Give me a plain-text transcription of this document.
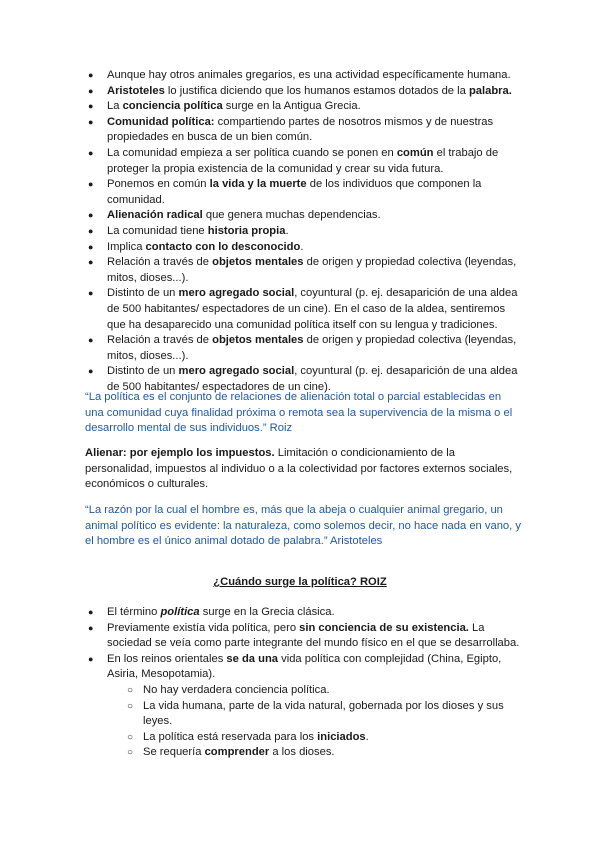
● Aunque hay otros animales gregarios, es una actividad específicamente humana.
● Aristoteles lo justifica diciendo que los humanos estamos dotados de la palabra.
● La conciencia política surge en la Antigua Grecia.
● Comunidad política: compartiendo partes de nosotros mismos y de nuestras propiedades en busca de un bien común.
● La comunidad empieza a ser política cuando se ponen en común el trabajo de proteger la propia existencia de la comunidad y crear su vida futura.
● Ponemos en común la vida y la muerte de los individuos que componen la comunidad.
● Alienación radical que genera muchas dependencias.
● La comunidad tiene historia propia.
● Implica contacto con lo desconocido.
● Relación a través de objetos mentales de origen y propiedad colectiva (leyendas, mitos, dioses...).
● Distinto de un mero agregado social, coyuntural (p. ej. desaparición de una aldea de 500 habitantes/ espectadores de un cine). En el caso de la aldea, sentiremos que ha desaparecido una comunidad política itself con su lengua y tradiciones.
● Relación a través de objetos mentales de origen y propiedad colectiva (leyendas, mitos, dioses...).
● Distinto de un mero agregado social, coyuntural (p. ej. desaparición de una aldea de 500 habitantes/ espectadores de un cine).
“La política es el conjunto de relaciones de alienación total o parcial establecidas en una comunidad cuya finalidad próxima o remota sea la supervivencia de la misma o el desarrollo mental de sus individuos.” Roiz
Alienar: por ejemplo los impuestos. Limitación o condicionamiento de la personalidad, impuestos al individuo o a la colectividad por factores externos sociales, económicos o culturales.
“La razón por la cual el hombre es, más que la abeja o cualquier animal gregario, un animal político es evidente: la naturaleza, como solemos decir, no hace nada en vano, y el hombre es el único animal dotado de palabra.” Aristoteles
¿Cuándo surge la política? ROIZ
● El término política surge en la Grecia clásica.
● Previamente existía vida política, pero sin conciencia de su existencia. La sociedad se veía como parte integrante del mundo físico en el que se desarrollaba.
● En los reinos orientales se da una vida política con complejidad (China, Egipto, Asiria, Mesopotamia).
○ No hay verdadera conciencia política.
○ La vida humana, parte de la vida natural, gobernada por los dioses y sus leyes.
○ La política está reservada para los iniciados.
○ Se requería comprender a los dioses.
